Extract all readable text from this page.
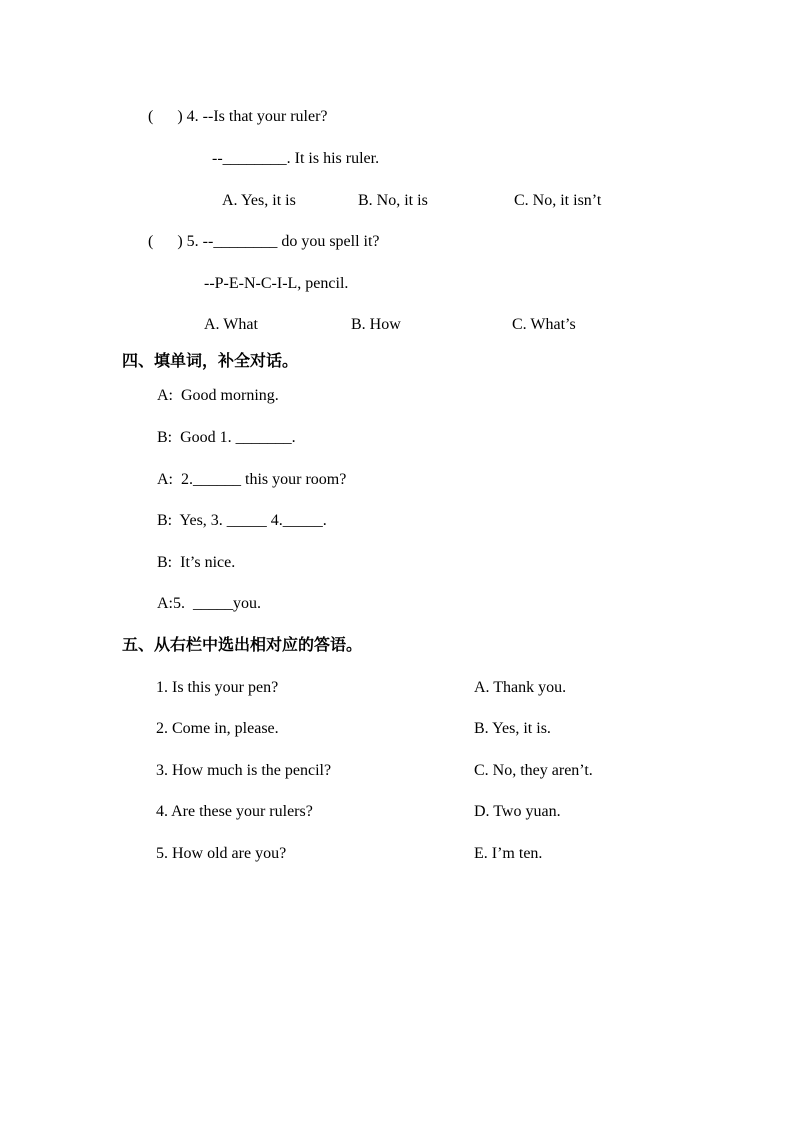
(      ) 4. --Is that your ruler?
--________. It is his ruler.
A. Yes, it is	B. No, it is	C. No, it isn’t
(      ) 5. --________ do you spell it?
--P-E-N-C-I-L, pencil.
A. What	B. How	C. What’s
四、填单词，补全对话。
A:  Good morning.
B:  Good 1. _______.
A:  2.______ this your room?
B:  Yes, 3. _____ 4._____.
B:  It’s nice.
A:5.  _____you.
五、从右栏中选出相对应的答语。
1. Is this your pen?	A. Thank you.
2. Come in, please.	B. Yes, it is.
3. How much is the pencil?	C. No, they aren’t.
4. Are these your rulers?	D. Two yuan.
5. How old are you?	E. I’m ten.
